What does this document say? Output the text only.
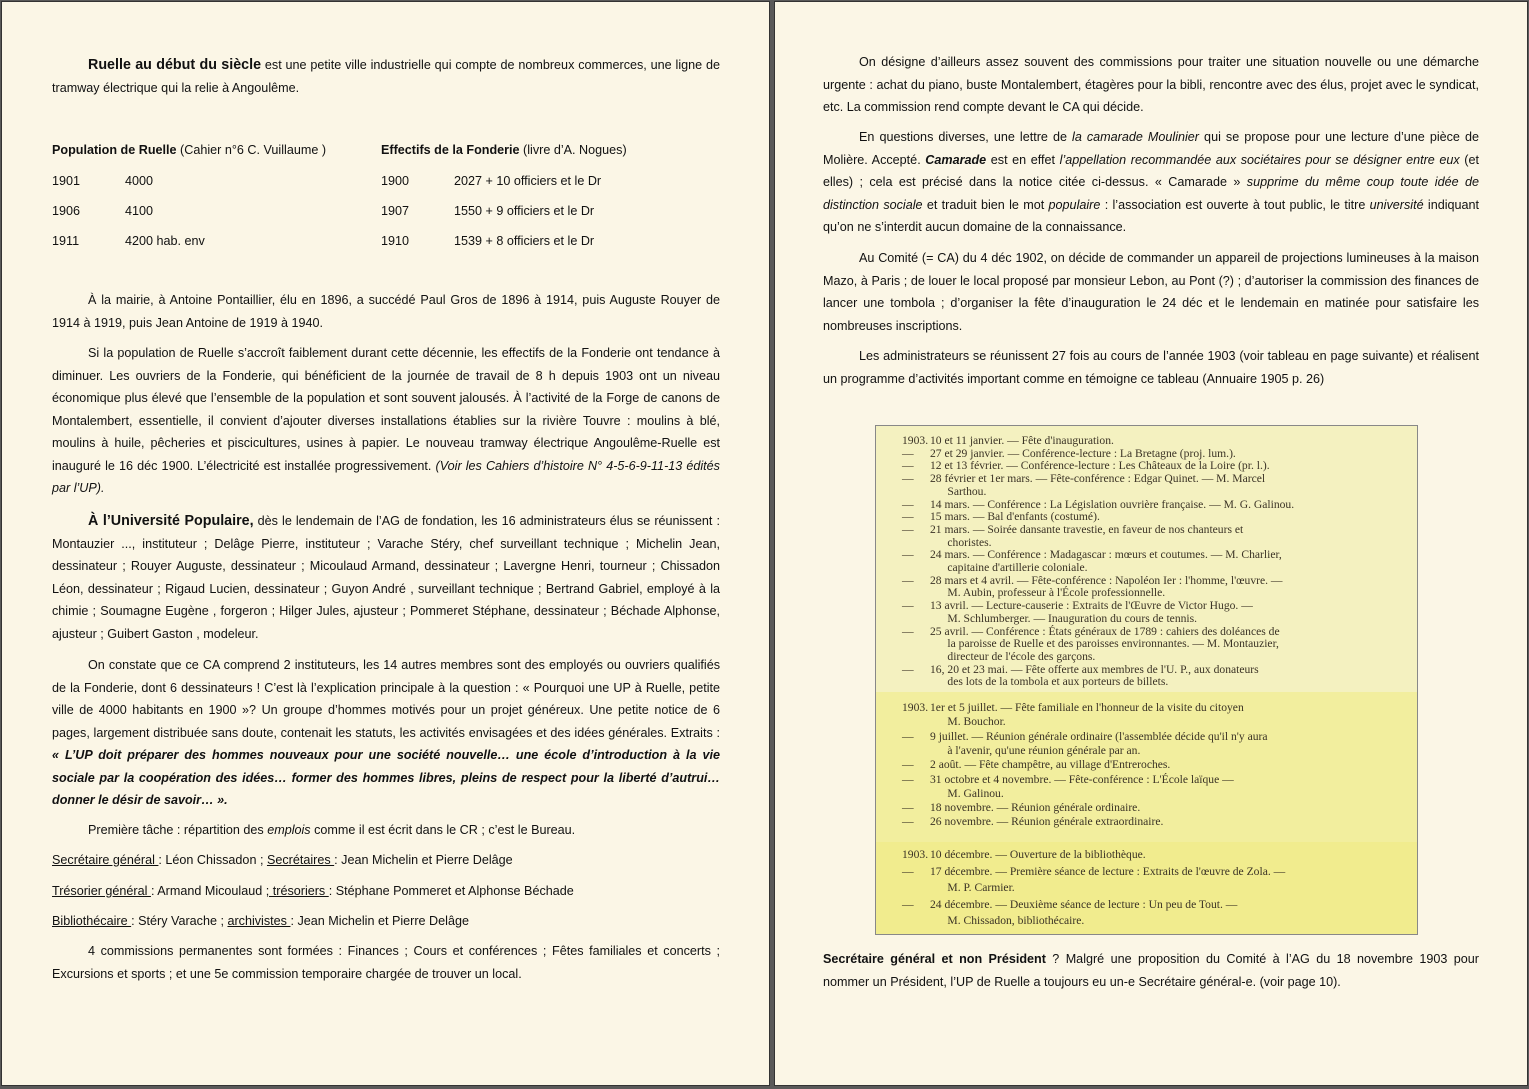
Ruelle au début du siècle est une petite ville industrielle qui compte de nombreux commerces, une ligne de tramway électrique qui la relie à Angoulême.

Population de Ruelle (Cahier n°6 C. Vuillaume )
1901	4000
1906	4100
1911	4200 hab. env
Effectifs de la Fonderie (livre d’A. Nogues)
1900	2027 + 10 officiers et le Dr
1907	1550 + 9 officiers et le Dr
1910	1539 + 8 officiers et le Dr

À la mairie, à Antoine Pontaillier, élu en 1896, a succédé Paul Gros de 1896 à 1914, puis Auguste Rouyer de 1914 à 1919, puis Jean Antoine de 1919 à 1940.

Si la population de Ruelle s’accroît faiblement durant cette décennie, les effectifs de la Fonderie ont tendance à diminuer. Les ouvriers de la Fonderie, qui bénéficient de la journée de travail de 8 h depuis 1903 ont un niveau économique plus élevé que l’ensemble de la population et sont souvent jalousés. À l’activité de la Forge de canons de Montalembert, essentielle, il convient d’ajouter diverses installations établies sur la rivière Touvre : moulins à blé, moulins à huile, pêcheries et piscicultures, usines à papier. Le nouveau tramway électrique Angoulême-Ruelle est inauguré le 16 déc 1900. L’électricité est installée progressivement. (Voir les Cahiers d’histoire N° 4-5-6-9-11-13 édités par l’UP).

À l’Université Populaire, dès le lendemain de l’AG de fondation, les 16 administrateurs élus se réunissent : Montauzier ..., instituteur ; Delâge Pierre, instituteur ; Varache Stéry, chef surveillant technique ; Michelin Jean, dessinateur ; Rouyer Auguste, dessinateur ; Micoulaud Armand, dessinateur ; Lavergne Henri, tourneur ; Chissadon Léon, dessinateur ; Rigaud Lucien, dessinateur ; Guyon André , surveillant technique ; Bertrand Gabriel, employé à la chimie ; Soumagne Eugène , forgeron ; Hilger Jules, ajusteur ; Pommeret Stéphane, dessinateur ; Béchade Alphonse, ajusteur ; Guibert Gaston , modeleur.

On constate que ce CA comprend 2 instituteurs, les 14 autres membres sont des employés ou ouvriers qualifiés de la Fonderie, dont 6 dessinateurs ! C’est là l’explication principale à la question : « Pourquoi une UP à Ruelle, petite ville de 4000 habitants en 1900 »? Un groupe d’hommes motivés pour un projet généreux. Une petite notice de 6 pages, largement distribuée sans doute, contenait les statuts, les activités envisagées et des idées générales. Extraits : « L’UP doit préparer des hommes nouveaux pour une société nouvelle… une école d’introduction à la vie sociale par la coopération des idées… former des hommes libres, pleins de respect pour la liberté d’autrui… donner le désir de savoir… ».

Première tâche : répartition des emplois comme il est écrit dans le CR ; c’est le Bureau.

Secrétaire général : Léon Chissadon ; Secrétaires : Jean Michelin et Pierre Delâge

Trésorier général : Armand Micoulaud ; trésoriers : Stéphane Pommeret et Alphonse Béchade

Bibliothécaire : Stéry Varache ; archivistes : Jean Michelin et Pierre Delâge

4 commissions permanentes sont formées : Finances ; Cours et conférences ; Fêtes familiales et concerts ; Excursions et sports ; et une 5e commission temporaire chargée de trouver un local.

On désigne d’ailleurs assez souvent des commissions pour traiter une situation nouvelle ou une démarche urgente : achat du piano, buste Montalembert, étagères pour la bibli, rencontre avec des élus, projet avec le syndicat, etc. La commission rend compte devant le CA qui décide.

En questions diverses, une lettre de la camarade Moulinier qui se propose pour une lecture d’une pièce de Molière. Accepté. Camarade est en effet l’appellation recommandée aux sociétaires pour se désigner entre eux (et elles) ; cela est précisé dans la notice citée ci-dessus. « Camarade » supprime du même coup toute idée de distinction sociale et traduit bien le mot populaire : l’association est ouverte à tout public, le titre université indiquant qu’on ne s’interdit aucun domaine de la connaissance.

Au Comité (= CA) du 4 déc 1902, on décide de commander un appareil de projections lumineuses à la maison Mazo, à Paris ; de louer le local proposé par monsieur Lebon, au Pont (?) ; d’autoriser la commission des finances de lancer une tombola ; d’organiser la fête d’inauguration le 24 déc et le lendemain en matinée pour satisfaire les nombreuses inscriptions.

Les administrateurs se réunissent 27 fois au cours de l’année 1903 (voir tableau en page suivante) et réalisent un programme d’activités important comme en témoigne ce tableau (Annuaire 1905 p. 26)

1903. 10 et 11 janvier. — Fête d'inauguration.
— 27 et 29 janvier. — Conférence-lecture : La Bretagne (proj. lum.).
— 12 et 13 février. — Conférence-lecture : Les Châteaux de la Loire (pr. l.).
— 28 février et 1er mars. — Fête-conférence : Edgar Quinet. — M. Marcel
Sarthou.
— 14 mars. — Conférence : La Législation ouvrière française. — M. G. Galinou.
— 15 mars. — Bal d'enfants (costumé).
— 21 mars. — Soirée dansante travestie, en faveur de nos chanteurs et
choristes.
— 24 mars. — Conférence : Madagascar : mœurs et coutumes. — M. Charlier,
capitaine d'artillerie coloniale.
— 28 mars et 4 avril. — Fête-conférence : Napoléon Ier : l'homme, l'œuvre. —
M. Aubin, professeur à l'École professionnelle.
— 13 avril. — Lecture-causerie : Extraits de l'Œuvre de Victor Hugo. —
M. Schlumberger. — Inauguration du cours de tennis.
— 25 avril. — Conférence : États généraux de 1789 : cahiers des doléances de
la paroisse de Ruelle et des paroisses environnantes. — M. Montauzier,
directeur de l'école des garçons.
— 16, 20 et 23 mai. — Fête offerte aux membres de l'U. P., aux donateurs
des lots de la tombola et aux porteurs de billets.
1903. 1er et 5 juillet. — Fête familiale en l'honneur de la visite du citoyen
M. Bouchor.
— 9 juillet. — Réunion générale ordinaire (l'assemblée décide qu'il n'y aura
à l'avenir, qu'une réunion générale par an.
— 2 août. — Fête champêtre, au village d'Entreroches.
— 31 octobre et 4 novembre. — Fête-conférence : L'École laïque —
M. Galinou.
— 18 novembre. — Réunion générale ordinaire.
— 26 novembre. — Réunion générale extraordinaire.
1903. 10 décembre. — Ouverture de la bibliothèque.
— 17 décembre. — Première séance de lecture : Extraits de l'œuvre de Zola. —
M. P. Carmier.
— 24 décembre. — Deuxième séance de lecture : Un peu de Tout. —
M. Chissadon, bibliothécaire.

Secrétaire général et non Président ? Malgré une proposition du Comité à l’AG du 18 novembre 1903 pour nommer un Président, l’UP de Ruelle a toujours eu un-e Secrétaire général-e. (voir page 10).
